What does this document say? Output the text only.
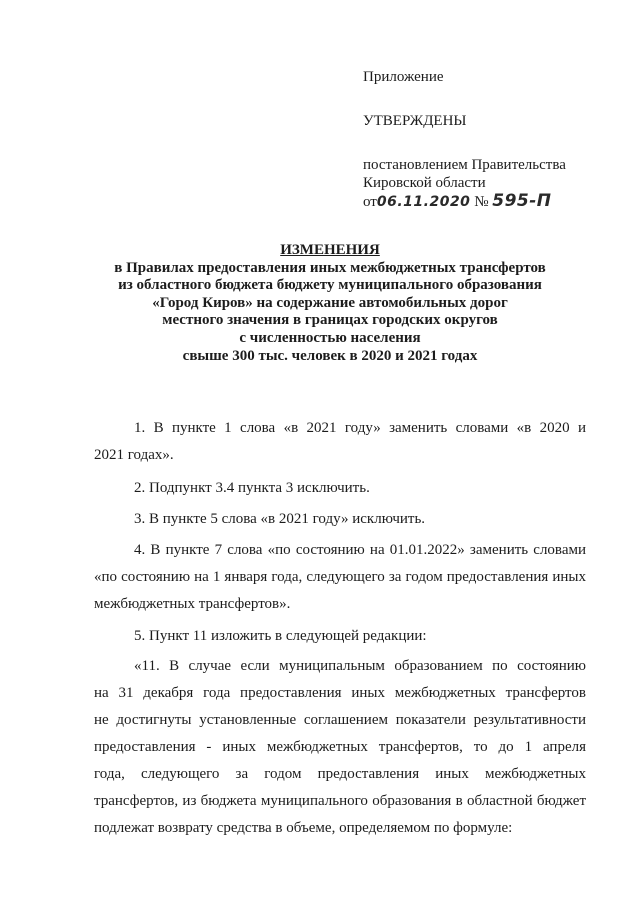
Приложение
УТВЕРЖДЕНЫ
постановлением Правительства
Кировской области
от06.11.2020 № 595-П
ИЗМЕНЕНИЯ
в Правилах предоставления иных межбюджетных трансфертов
из областного бюджета бюджету муниципального образования
«Город Киров» на содержание автомобильных дорог
местного значения в границах городских округов
с численностью населения
свыше 300 тыс. человек в 2020 и 2021 годах
1. В пункте 1 слова «в 2021 году» заменить словами «в 2020 и
2021 годах».
2. Подпункт 3.4 пункта 3 исключить.
3. В пункте 5 слова «в 2021 году» исключить.
4. В пункте 7 слова «по состоянию на 01.01.2022» заменить словами
«по состоянию на 1 января года, следующего за годом предоставления иных
межбюджетных трансфертов».
5. Пункт 11 изложить в следующей редакции:
«11. В случае если муниципальным образованием по состоянию
на 31 декабря года предоставления иных межбюджетных трансфертов
не достигнуты установленные соглашением показатели результативности
предоставления - иных межбюджетных трансфертов, то до 1 апреля
года, следующего за годом предоставления иных межбюджетных
трансфертов, из бюджета муниципального образования в областной бюджет
подлежат возврату средства в объеме, определяемом по формуле:
